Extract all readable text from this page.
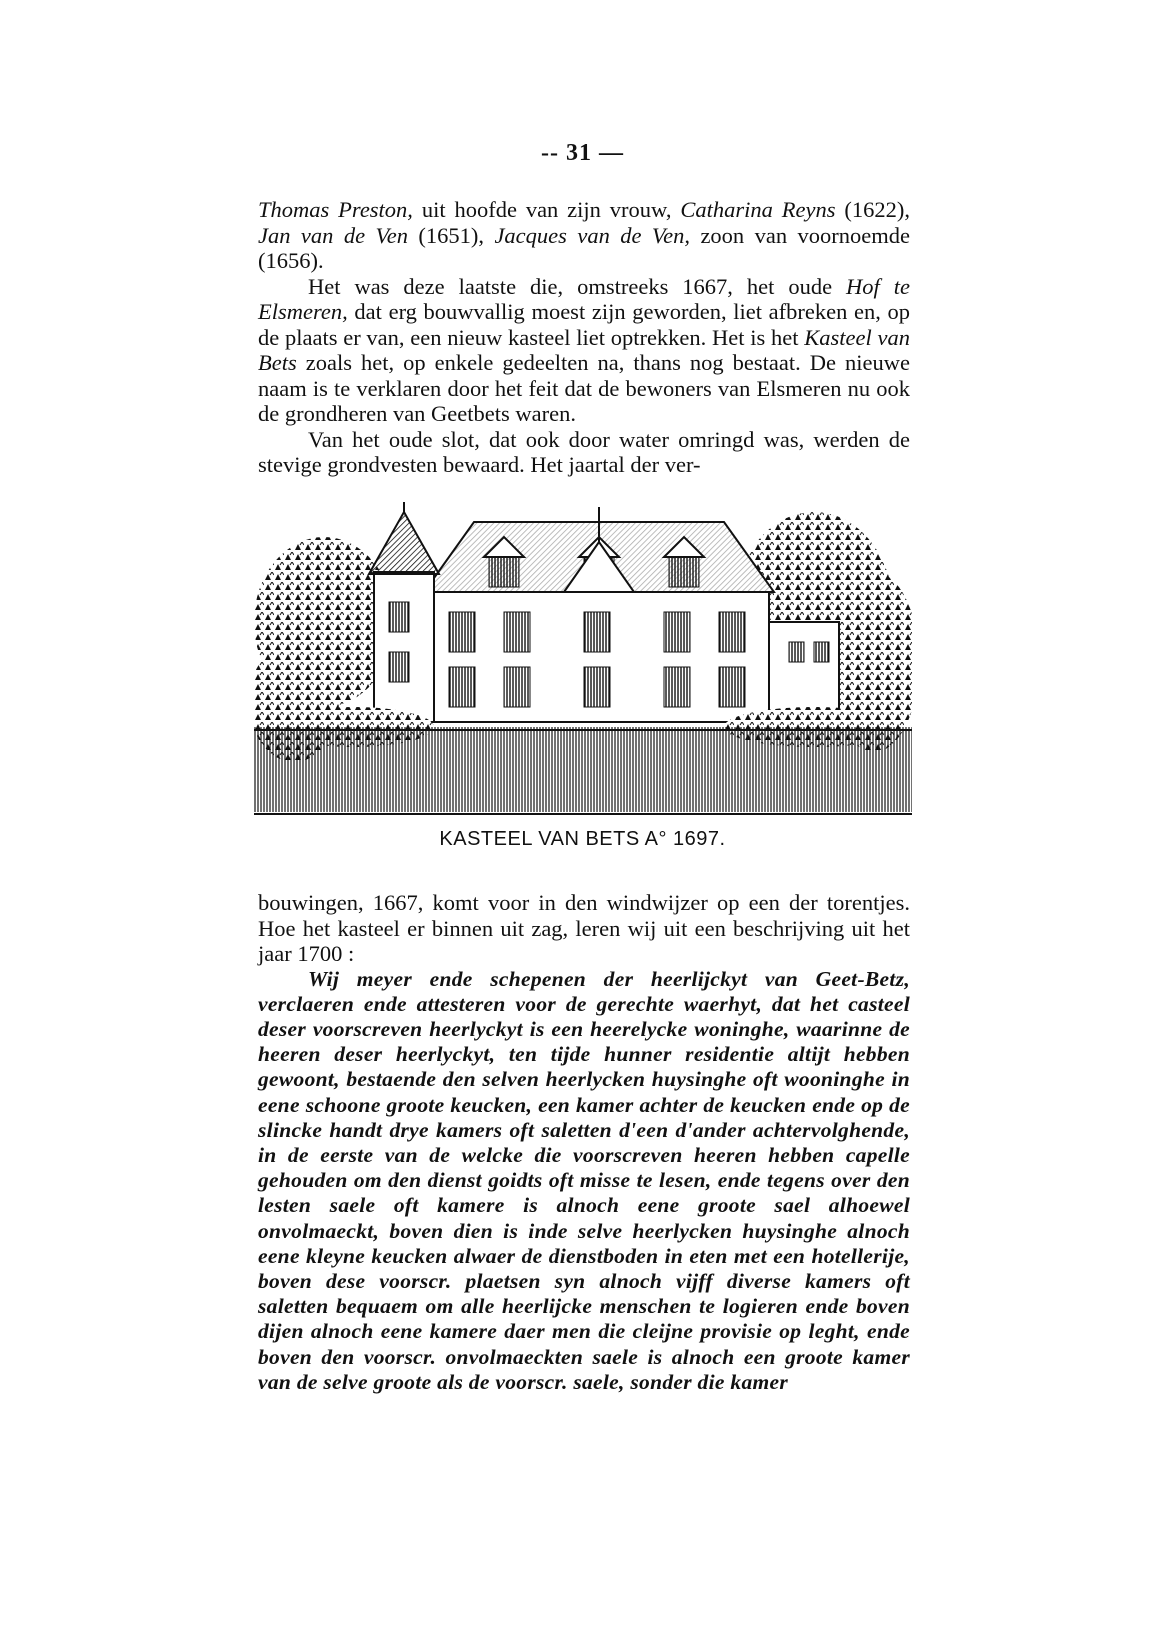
-- 31 —

Thomas Preston, uit hoofde van zijn vrouw, Catharina Reyns (1622), Jan van de Ven (1651), Jacques van de Ven, zoon van voornoemde (1656).

Het was deze laatste die, omstreeks 1667, het oude Hof te Elsmeren, dat erg bouwvallig moest zijn geworden, liet afbreken en, op de plaats er van, een nieuw kasteel liet optrekken. Het is het Kasteel van Bets zoals het, op enkele gedeelten na, thans nog bestaat. De nieuwe naam is te verklaren door het feit dat de bewoners van Elsmeren nu ook de grondheren van Geetbets waren.

Van het oude slot, dat ook door water omringd was, werden de stevige grondvesten bewaard. Het jaartal der ver-

KASTEEL VAN BETS A° 1697.

bouwingen, 1667, komt voor in den windwijzer op een der torentjes. Hoe het kasteel er binnen uit zag, leren wij uit een beschrijving uit het jaar 1700 :

Wij meyer ende schepenen der heerlijckyt van Geet-Betz, verclaeren ende attesteren voor de gerechte waerhyt, dat het casteel deser voorscreven heerlyckyt is een heerelycke woninghe, waarinne de heeren deser heerlyckyt, ten tijde hunner residentie altijt hebben gewoont, bestaende den selven heerlycken huysinghe oft wooninghe in eene schoone groote keucken, een kamer achter de keucken ende op de slincke handt drye kamers oft saletten d'een d'ander achtervolghende, in de eerste van de welcke die voorscreven heeren hebben capelle gehouden om den dienst goidts oft misse te lesen, ende tegens over den lesten saele oft kamere is alnoch eene groote sael alhoewel onvolmaeckt, boven dien is inde selve heerlycken huysinghe alnoch eene kleyne keucken alwaer de dienstboden in eten met een hotellerije, boven dese voorscr. plaetsen syn alnoch vijff diverse kamers oft saletten bequaem om alle heerlijcke menschen te logieren ende boven dijen alnoch eene kamere daer men die cleijne provisie op leght, ende boven den voorscr. onvolmaeckten saele is alnoch een groote kamer van de selve groote als de voorscr. saele, sonder die kamer
